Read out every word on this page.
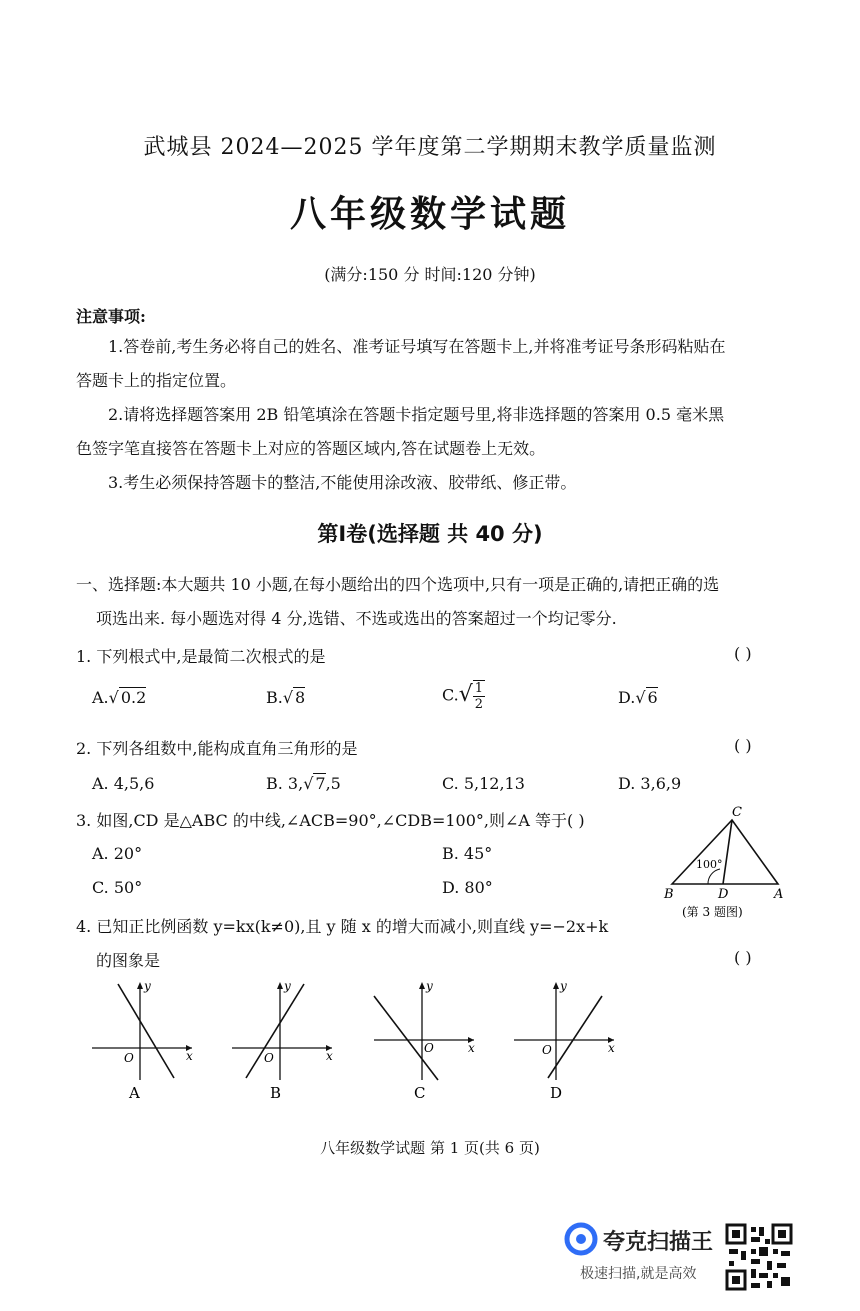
武城县 2024—2025 学年度第二学期期末教学质量监测
八年级数学试题
(满分:150 分 时间:120 分钟)
注意事项:
1.答卷前,考生务必将自己的姓名、准考证号填写在答题卡上,并将准考证号条形码粘贴在
答题卡上的指定位置。
2.请将选择题答案用 2B 铅笔填涂在答题卡指定题号里,将非选择题的答案用 0.5 毫米黑
色签字笔直接答在答题卡上对应的答题区域内,答在试题卷上无效。
3.考生必须保持答题卡的整洁,不能使用涂改液、胶带纸、修正带。
第Ⅰ卷(选择题 共 40 分)
一、选择题:本大题共 10 小题,在每小题给出的四个选项中,只有一项是正确的,请把正确的选
项选出来. 每小题选对得 4 分,选错、不选或选出的答案超过一个均记零分.
1. 下列根式中,是最简二次根式的是	( )
A.√ 0.2	B.√ 8	$C.√ \frac{1}{2}$	D.√ 6
2. 下列各组数中,能构成直角三角形的是	( )
A. 4,5,6	B. 3,√ 7,5	C. 5,12,13	D. 3,6,9
3. 如图,CD 是△ABC 的中线,∠ACB=90°,∠CDB=100°,则∠A 等于( )
A. 20°	B. 45°
C. 50°	D. 80°
C
B	D	A
100°
(第 3 题图)
4. 已知正比例函数 y=kx(k≠0),且 y 随 x 的增大而减小,则直线 y=−2x+k
的图象是	( )
x
y
O
A
x
y
O
B
x
y
O
C
x
y
O
D
八年级数学试题 第 1 页(共 6 页)
夸克扫描王
极速扫描,就是高效
